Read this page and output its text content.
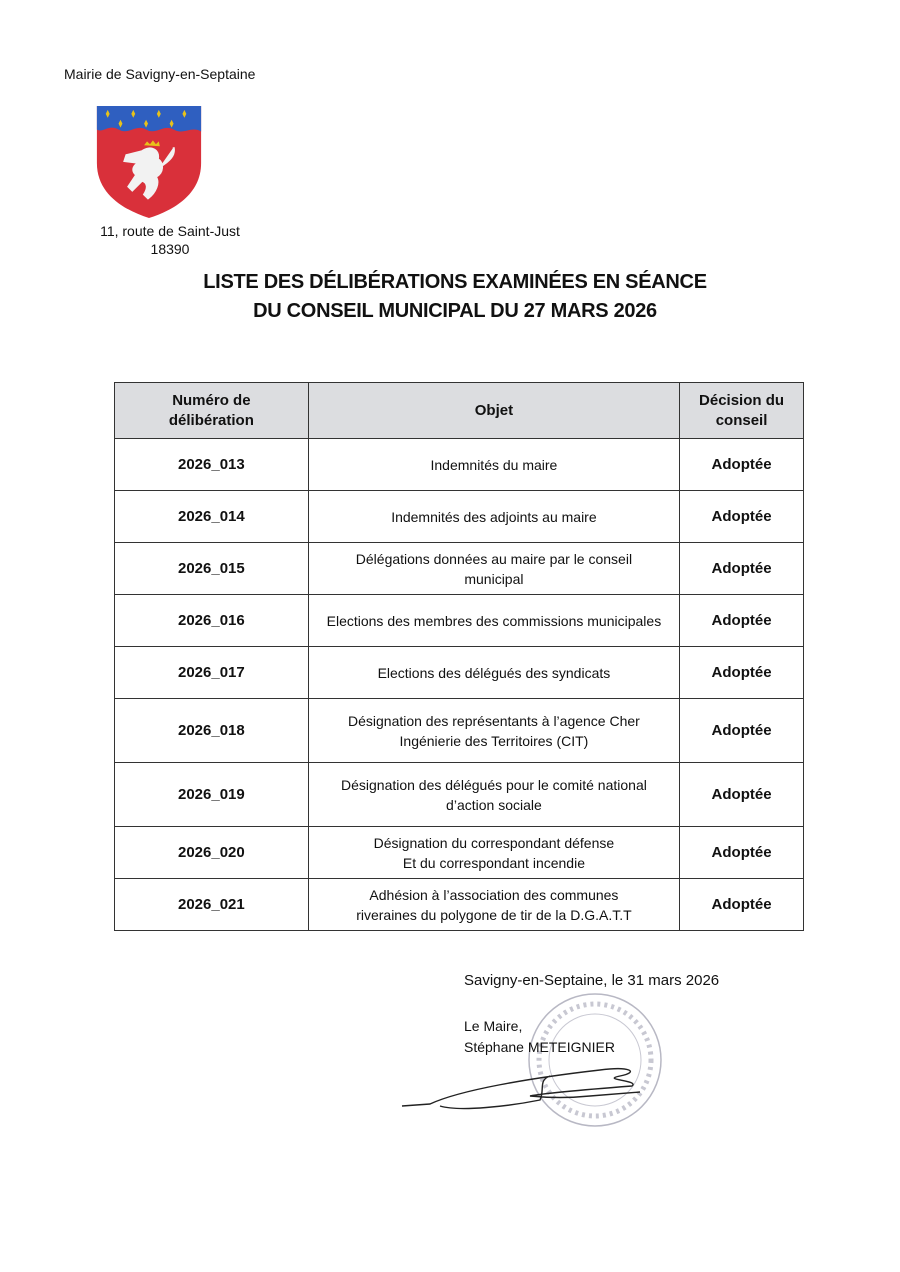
Mairie de Savigny-en-Septaine
11, route de Saint-Just
18390
LISTE DES DÉLIBÉRATIONS EXAMINÉES EN SÉANCE
DU CONSEIL MUNICIPAL DU 27 MARS 2026
Numéro de
délibération	Objet	Décision du
conseil
2026_013	Indemnités du maire	Adoptée
2026_014	Indemnités des adjoints au maire	Adoptée
2026_015	Délégations données au maire par le conseil
municipal	Adoptée
2026_016	Elections des membres des commissions municipales	Adoptée
2026_017	Elections des délégués des syndicats	Adoptée
2026_018	Désignation des représentants à l’agence Cher
Ingénierie des Territoires (CIT)	Adoptée
2026_019	Désignation des délégués pour le comité national
d’action sociale	Adoptée
2026_020	Désignation du correspondant défense
Et du correspondant incendie	Adoptée
2026_021	Adhésion à l’association des communes
riveraines du polygone de tir de la D.G.A.T.T	Adoptée
Savigny-en-Septaine, le 31 mars 2026
Le Maire,
Stéphane METEIGNIER
